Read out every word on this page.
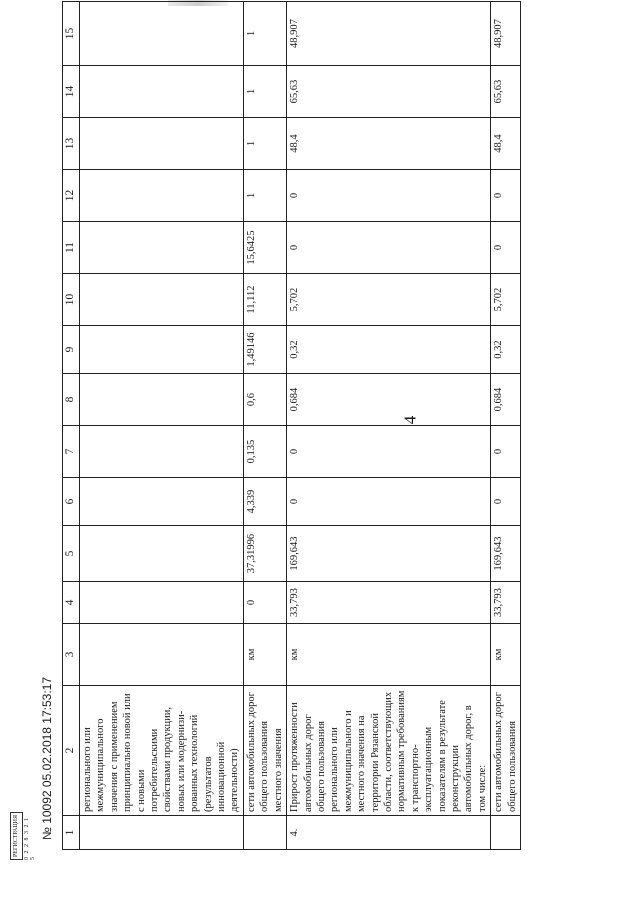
4
1	2	3	4	5	6	7	8	9	10	11	12	13	14	15
	регионального или межмуниципального значения с применением принципиально новой или с новыми потребительскими свойствами продукции, новых или модернизи-рованных технологий (результатов инновационной деятельности)													
	сети автомобильных дорог общего пользования местного значения	км	0	37,31996	4,339	0,135	0,6	1,49146	11,112	15,6425	1	1	1	1
4.	Прирост протяженности автомобильных дорог общего пользования регионального или межмуниципального и местного значения на территории Рязанской области, соответствующих нормативным требованиям к транспортно-эксплуатационным показателям в результате реконструкции автомобильных дорог, в том числе:	км	33,793	169,643	0	0	0,684	0,32	5,702	0	0	48,4	65,63	48,907
	сети автомобильных дорог общего пользования	км	33,793	169,643	0	0	0,684	0,32	5,702	0	0	48,4	65,63	48,907
РЕГИСТРАЦИЯ 0 2 2 8 3 2 1 5
№ 10092 05.02.2018 17:53:17
